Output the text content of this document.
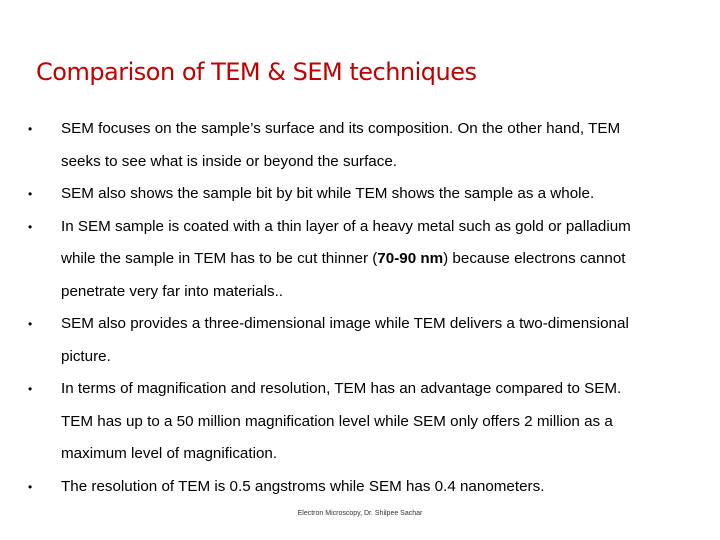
Comparison of TEM & SEM techniques
• SEM focuses on the sample’s surface and its composition. On the other hand, TEM seeks to see what is inside or beyond the surface.
• SEM also shows the sample bit by bit while TEM shows the sample as a whole.
• In SEM sample is coated with a thin layer of a heavy metal such as gold or palladium while the sample in TEM has to be cut thinner (70-90 nm) because electrons cannot penetrate very far into materials..
• SEM also provides a three-dimensional image while TEM delivers a two-dimensional picture.
• In terms of magnification and resolution, TEM has an advantage compared to SEM. TEM has up to a 50 million magnification level while SEM only offers 2 million as a maximum level of magnification.
• The resolution of TEM is 0.5 angstroms while SEM has 0.4 nanometers.
Electron Microscopy, Dr. Shilpee Sachar
